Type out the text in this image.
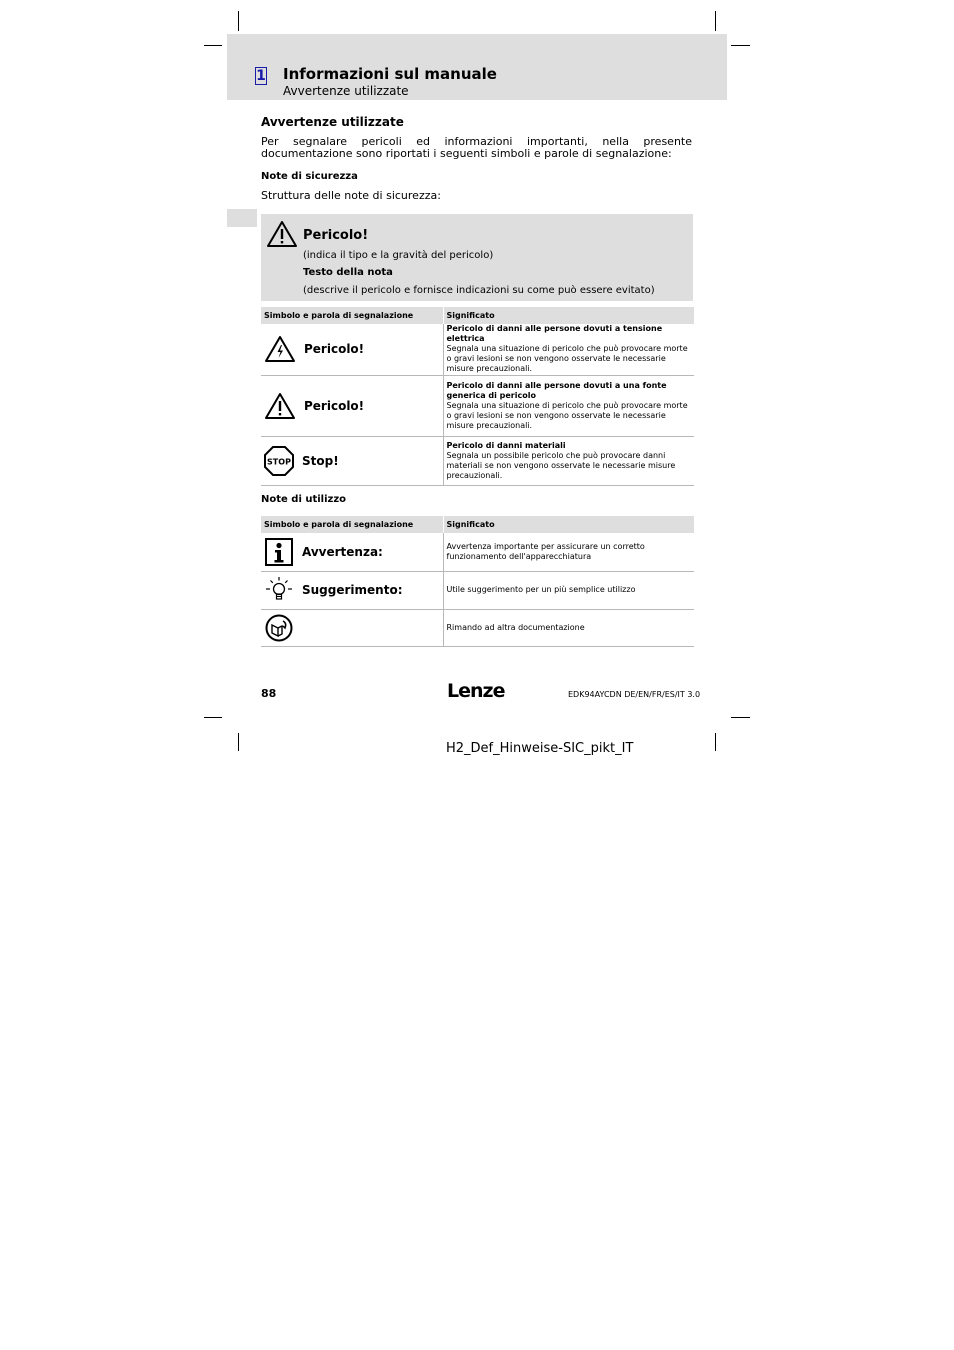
1 Informazioni sul manuale
Avvertenze utilizzate
Avvertenze utilizzate
Per segnalare pericoli ed informazioni importanti, nella presente documentazione sono riportati i seguenti simboli e parole di segnalazione:
Note di sicurezza
Struttura delle note di sicurezza:
Pericolo!
(indica il tipo e la gravità del pericolo)
Testo della nota
(descrive il pericolo e fornisce indicazioni su come può essere evitato)
Simbolo e parola di segnalazione	Significato

Pericolo!	Pericolo di danni alle persone dovuti a tensione elettrica
Segnala una situazione di pericolo che può provocare morte o gravi lesioni se non vengono osservate le necessarie misure precauzionali.

Pericolo!	Pericolo di danni alle persone dovuti a una fonte generica di pericolo
Segnala una situazione di pericolo che può provocare morte o gravi lesioni se non vengono osservate le necessarie misure precauzionali.

STOP Stop!	Pericolo di danni materiali
Segnala un possibile pericolo che può provocare danni materiali se non vengono osservate le necessarie misure precauzionali.
Note di utilizzo
Simbolo e parola di segnalazione	Significato

Avvertenza:	Avvertenza importante per assicurare un corretto funzionamento dell'apparecchiatura

Suggerimento:	Utile suggerimento per un più semplice utilizzo

	Rimando ad altra documentazione
88	Lenze	EDK94AYCDN DE/EN/FR/ES/IT 3.0
H2_Def_Hinweise-SIC_pikt_IT
